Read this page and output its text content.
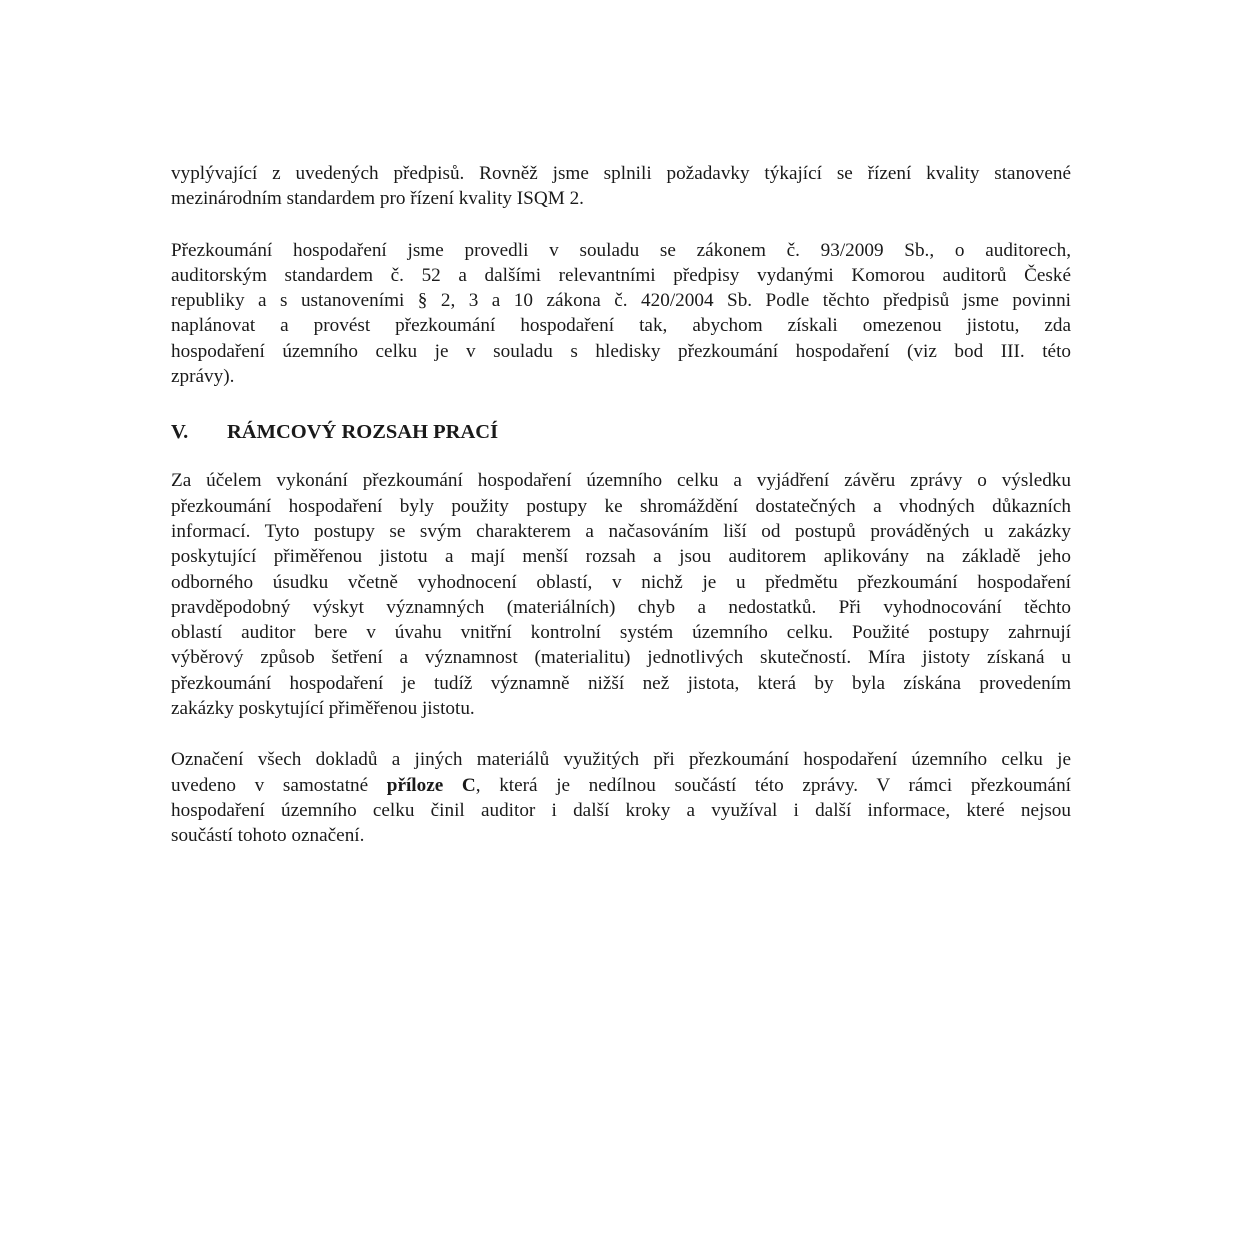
vyplývající z uvedených předpisů. Rovněž jsme splnili požadavky týkající se řízení kvality stanovené
mezinárodním standardem pro řízení kvality ISQM 2.

Přezkoumání hospodaření jsme provedli v souladu se zákonem č. 93/2009 Sb., o auditorech,
auditorským standardem č. 52 a dalšími relevantními předpisy vydanými Komorou auditorů České
republiky a s ustanoveními § 2, 3 a 10 zákona č. 420/2004 Sb. Podle těchto předpisů jsme povinni
naplánovat a provést přezkoumání hospodaření tak, abychom získali omezenou jistotu, zda
hospodaření územního celku je v souladu s hledisky přezkoumání hospodaření (viz bod III. této
zprávy).

V.	RÁMCOVÝ ROZSAH PRACÍ

Za účelem vykonání přezkoumání hospodaření územního celku a vyjádření závěru zprávy o výsledku
přezkoumání hospodaření byly použity postupy ke shromáždění dostatečných a vhodných důkazních
informací. Tyto postupy se svým charakterem a načasováním liší od postupů prováděných u zakázky
poskytující přiměřenou jistotu a mají menší rozsah a jsou auditorem aplikovány na základě jeho
odborného úsudku včetně vyhodnocení oblastí, v nichž je u předmětu přezkoumání hospodaření
pravděpodobný výskyt významných (materiálních) chyb a nedostatků. Při vyhodnocování těchto
oblastí auditor bere v úvahu vnitřní kontrolní systém územního celku. Použité postupy zahrnují
výběrový způsob šetření a významnost (materialitu) jednotlivých skutečností. Míra jistoty získaná u
přezkoumání hospodaření je tudíž významně nižší než jistota, která by byla získána provedením
zakázky poskytující přiměřenou jistotu.

Označení všech dokladů a jiných materiálů využitých při přezkoumání hospodaření územního celku je
uvedeno v samostatné příloze C, která je nedílnou součástí této zprávy. V rámci přezkoumání
hospodaření územního celku činil auditor i další kroky a využíval i další informace, které nejsou
součástí tohoto označení.
